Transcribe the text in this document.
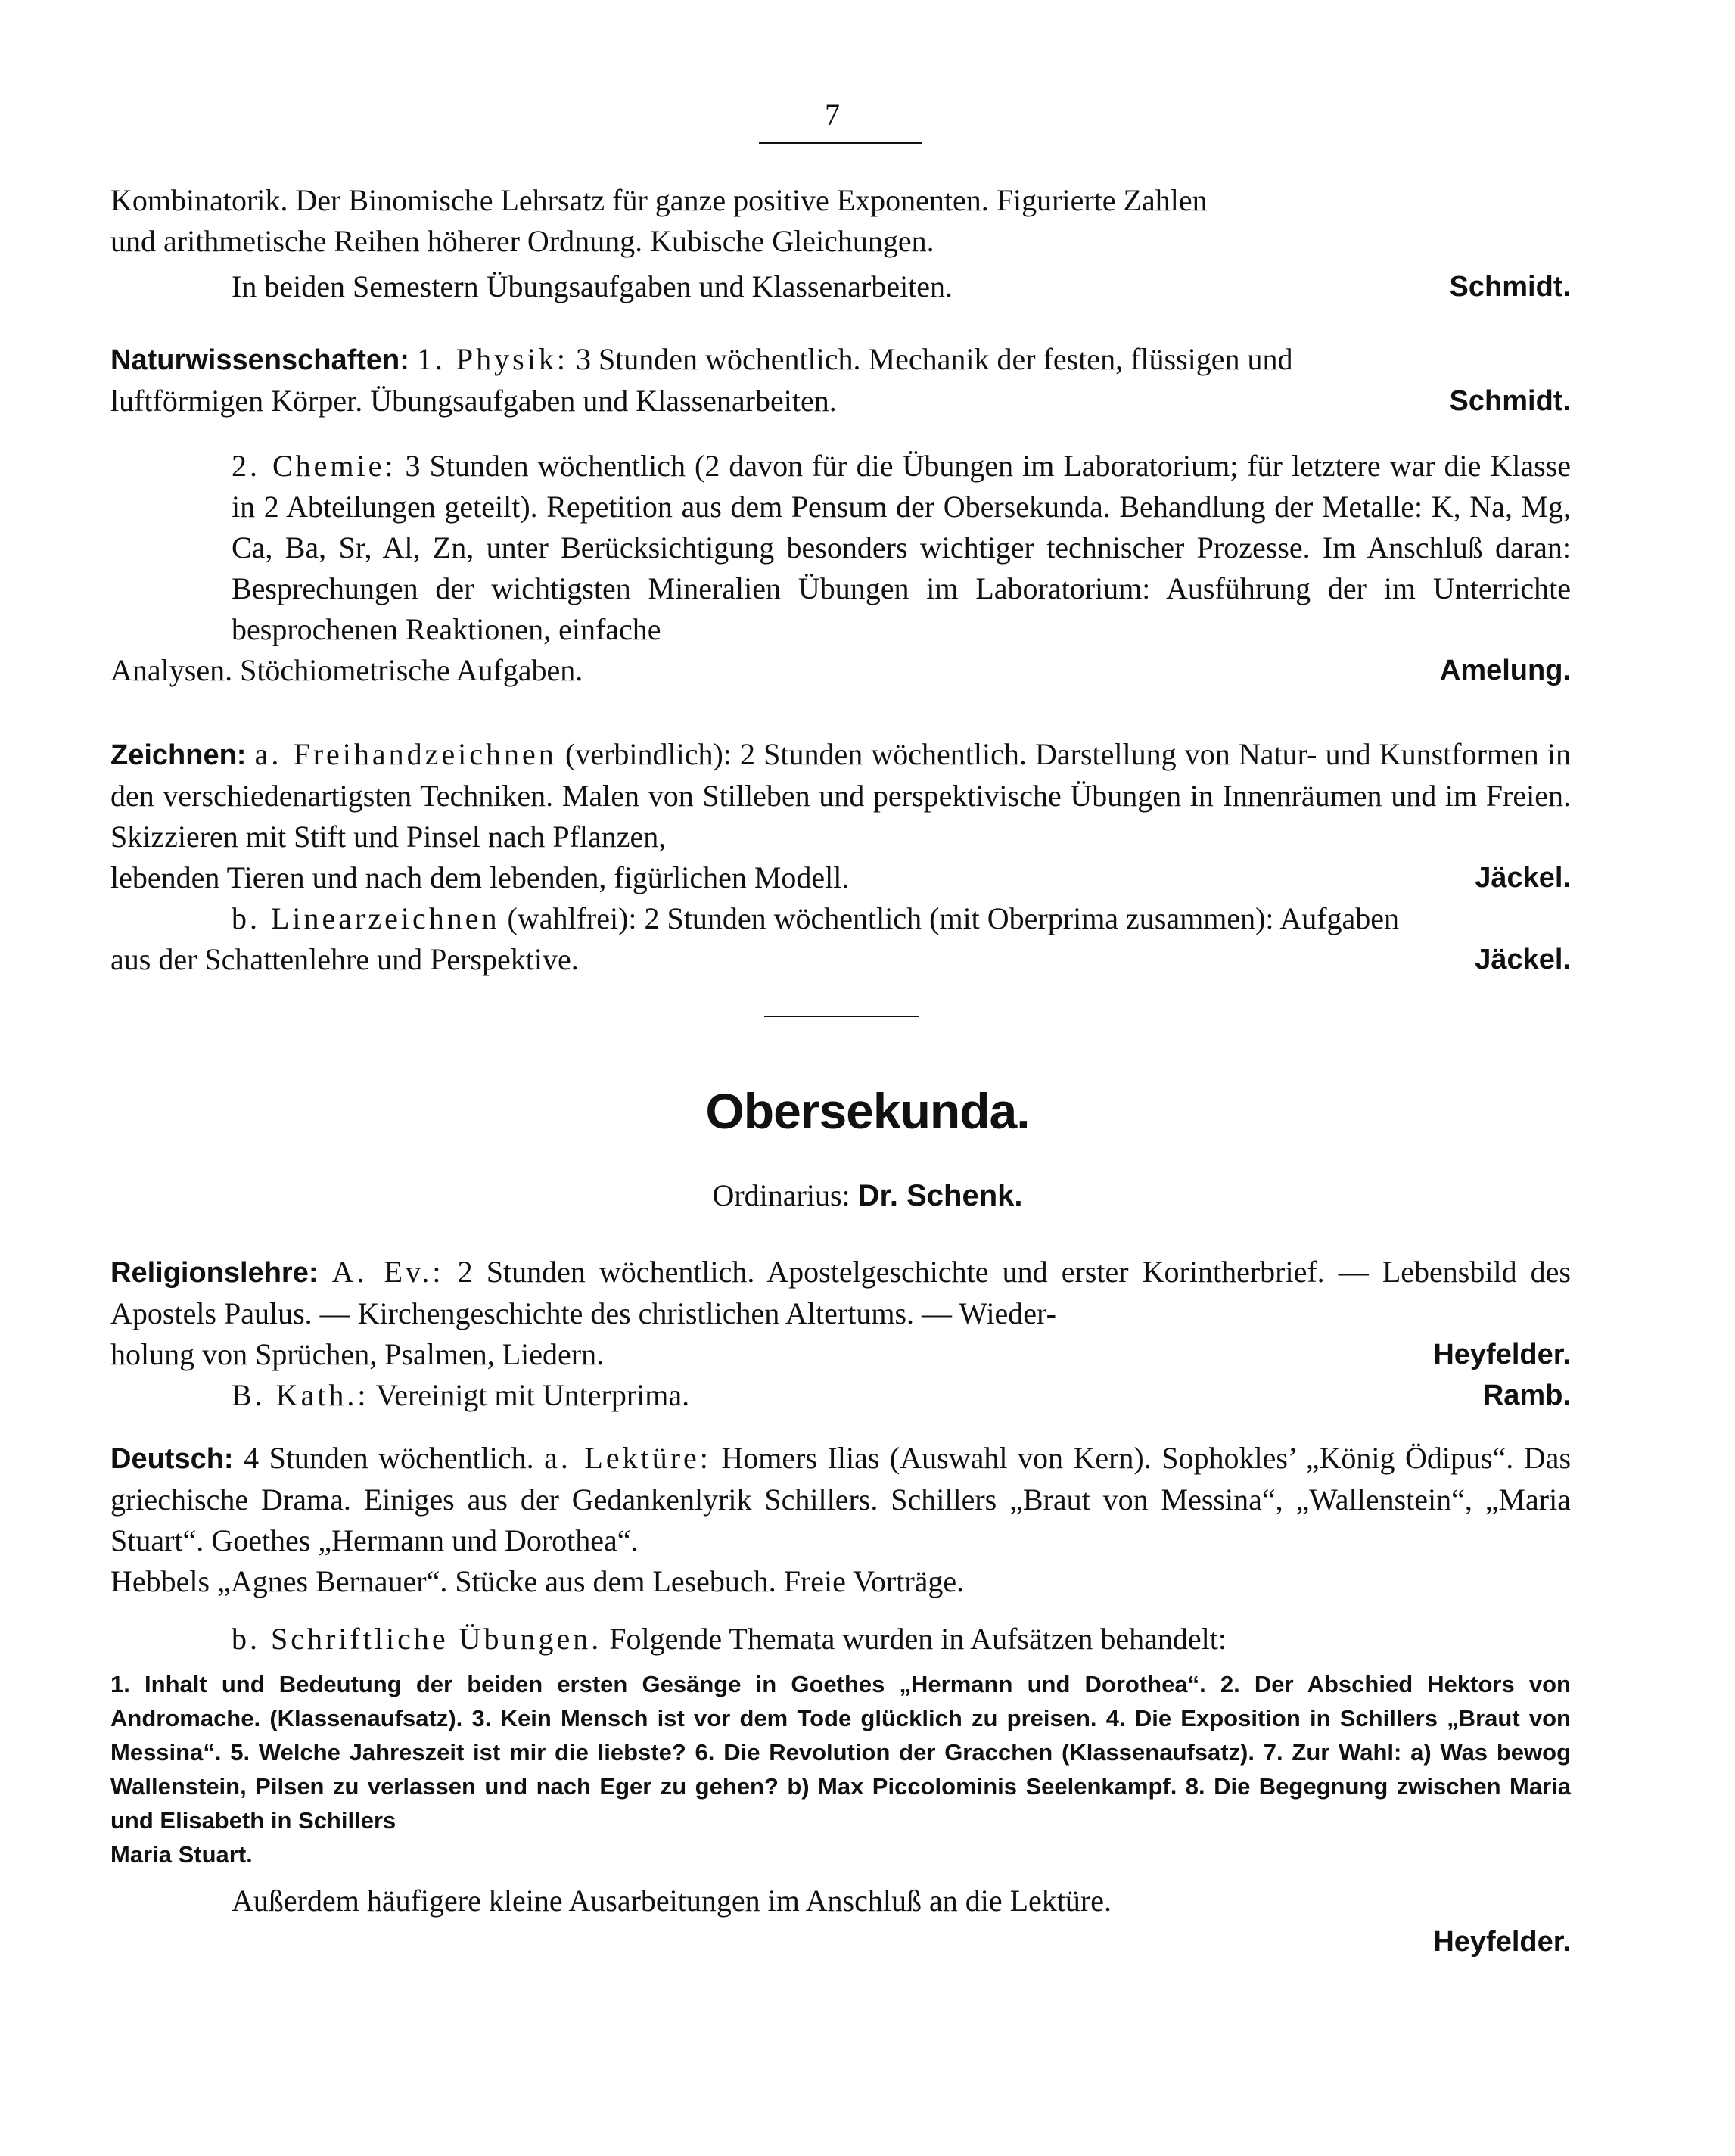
7
Kombinatorik. Der Binomische Lehrsatz für ganze positive Exponenten. Figurierte Zahlen
und arithmetische Reihen höherer Ordnung. Kubische Gleichungen.
In beiden Semestern Übungsaufgaben und Klassenarbeiten.	Schmidt.

Naturwissenschaften: 1. Physik: 3 Stunden wöchentlich. Mechanik der festen, flüssigen und

luftförmigen Körper. Übungsaufgaben und Klassenarbeiten.	Schmidt.

2. Chemie: 3 Stunden wöchentlich (2 davon für die Übungen im Laboratorium; für letztere war die Klasse in 2 Abteilungen geteilt). Repetition aus dem Pensum der Obersekunda. Behandlung der Metalle: K, Na, Mg, Ca, Ba, Sr, Al, Zn, unter Berücksichtigung besonders wichtiger technischer Prozesse. Im Anschluß daran: Besprechungen der wichtigsten Mineralien Übungen im Laboratorium: Ausführung der im Unterrichte besprochenen Reaktionen, einfache

Analysen. Stöchiometrische Aufgaben.	Amelung.

Zeichnen: a. Freihandzeichnen (verbindlich): 2 Stunden wöchentlich. Darstellung von Natur- und Kunstformen in den verschiedenartigsten Techniken. Malen von Stilleben und perspektivische Übungen in Innenräumen und im Freien. Skizzieren mit Stift und Pinsel nach Pflanzen,

lebenden Tieren und nach dem lebenden, figürlichen Modell.	Jäckel.

b. Linearzeichnen (wahlfrei): 2 Stunden wöchentlich (mit Oberprima zusammen): Aufgaben

aus der Schattenlehre und Perspektive.	Jäckel.
Obersekunda.
Ordinarius: Dr. Schenk.

Religionslehre: A. Ev.: 2 Stunden wöchentlich. Apostelgeschichte und erster Korintherbrief. — Lebensbild des Apostels Paulus. — Kirchengeschichte des christlichen Altertums. — Wieder-

holung von Sprüchen, Psalmen, Liedern.	Heyfelder.
B. Kath.: Vereinigt mit Unterprima.	Ramb.

Deutsch: 4 Stunden wöchentlich. a. Lektüre: Homers Ilias (Auswahl von Kern). Sophokles’ „König Ödipus“. Das griechische Drama. Einiges aus der Gedankenlyrik Schillers. Schillers „Braut von Messina“, „Wallenstein“, „Maria Stuart“. Goethes „Hermann und Dorothea“.

Hebbels „Agnes Bernauer“. Stücke aus dem Lesebuch. Freie Vorträge.
b. Schriftliche Übungen. Folgende Themata wurden in Aufsätzen behandelt:

1. Inhalt und Bedeutung der beiden ersten Gesänge in Goethes „Hermann und Dorothea“. 2. Der Abschied Hektors von Andromache. (Klassenaufsatz). 3. Kein Mensch ist vor dem Tode glücklich zu preisen. 4. Die Exposition in Schillers „Braut von Messina“. 5. Welche Jahreszeit ist mir die liebste? 6. Die Revolution der Gracchen (Klassenaufsatz). 7. Zur Wahl: a) Was bewog Wallenstein, Pilsen zu verlassen und nach Eger zu gehen? b) Max Piccolominis Seelenkampf. 8. Die Begegnung zwischen Maria und Elisabeth in Schillers

Maria Stuart.
Außerdem häufigere kleine Ausarbeitungen im Anschluß an die Lektüre.
Heyfelder.
